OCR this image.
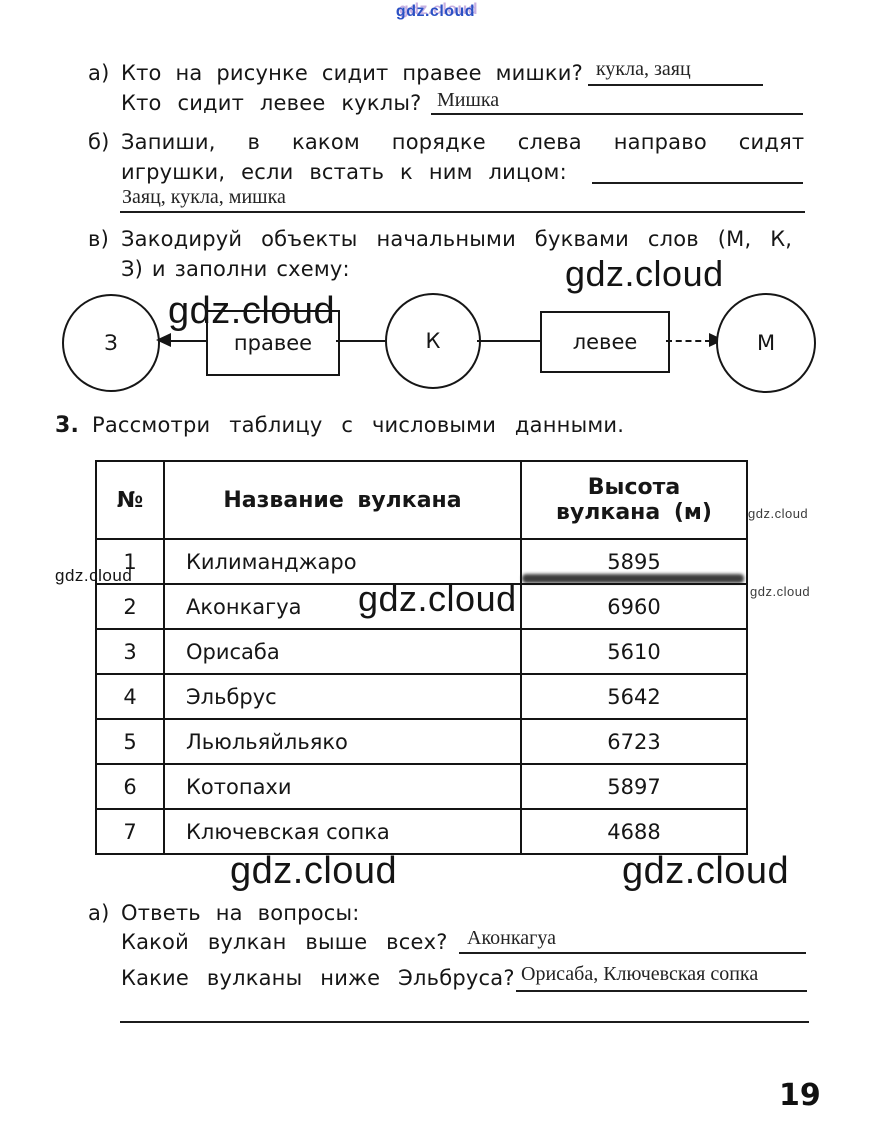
gdz.cloud
а) Кто на рисунке сидит правее мишки? кукла, заяц
Кто сидит левее куклы? Мишка
б) Запиши, в каком порядке слева направо сидят
игрушки, если встать к ним лицом:
Заяц, кукла, мишка
в) Закодируй объекты начальными буквами слов (М, К,
З) и заполни схему:	gdz.cloud
gdz.cloud
З	правее	К	левее	М
3. Рассмотри таблицу с числовыми данными.
№	Название вулкана	Высота
вулкана (м)

1	Килиманджаро	5895
2	Аконкагуа	6960
3	Орисаба	5610
4	Эльбрус	5642
5	Льюльяйльяко	6723
6	Котопахи	5897
7	Ключевская сопка	4688
gdz.cloud
gdz.cloud
gdz.cloud
gdz.cloud
gdz.cloud	gdz.cloud
а) Ответь на вопросы:
Какой вулкан выше всех? Аконкагуа
Какие вулканы ниже Эльбруса? Орисаба, Ключевская сопка
19
